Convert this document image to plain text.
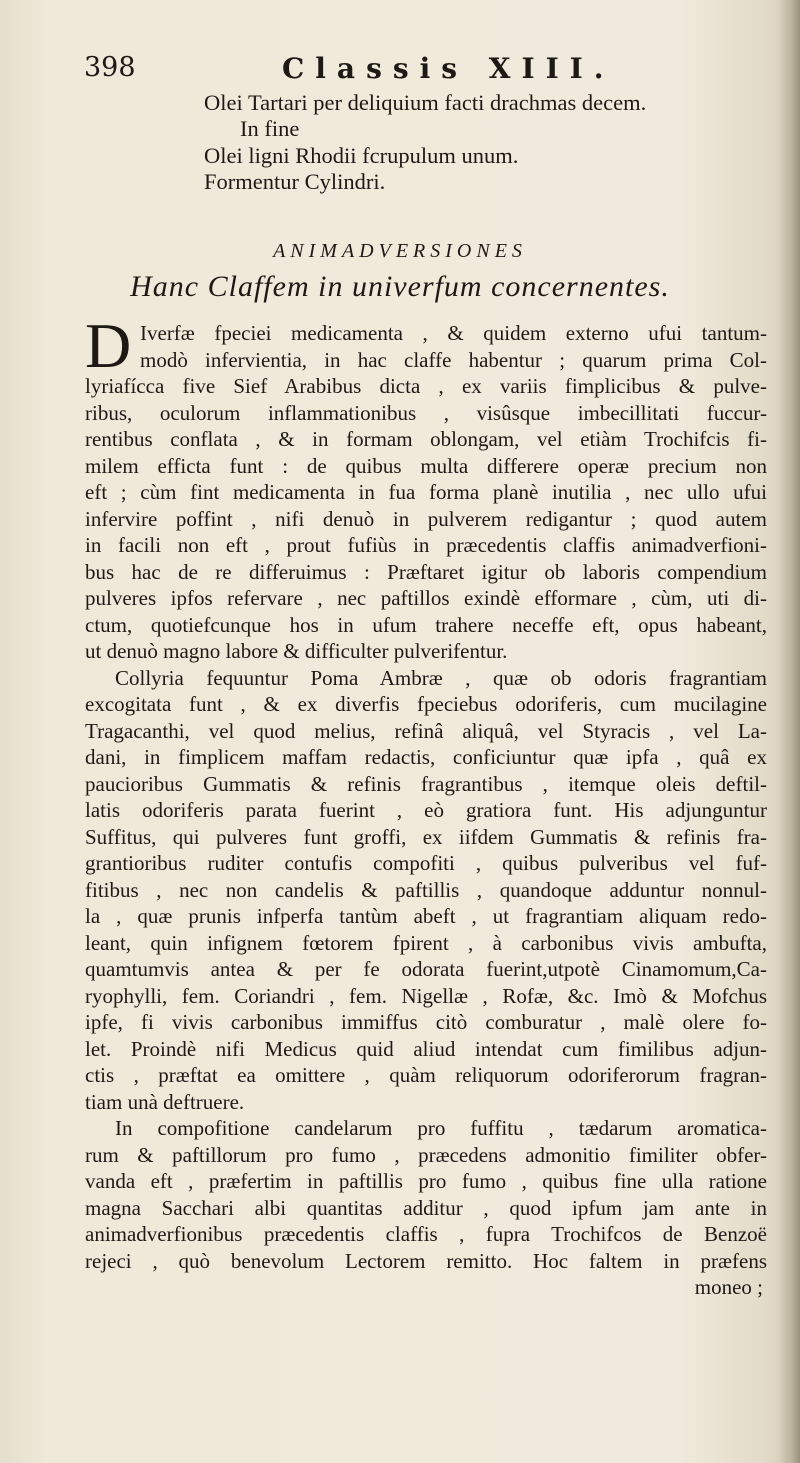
398	Classis XIII.
Olei Tartari per deliquium facti drachmas decem.
In fine
Olei ligni Rhodii fcrupulum unum.
Formentur Cylindri.
ANIMADVERSIONES
Hanc Claffem in univerfum concernentes.
D Iverfæ fpeciei medicamenta , & quidem externo ufui tantum-
modò infervientia, in hac claffe habentur ; quarum prima Col-
lyriafícca five Sief Arabibus dicta , ex variis fimplicibus & pulve-
ribus, oculorum inflammationibus , visûsque imbecillitati fuccur-
rentibus conflata , & in formam oblongam, vel etiàm Trochifcis fi-
milem efficta funt : de quibus multa differere operæ precium non
eft ; cùm fint medicamenta in fua forma planè inutilia , nec ullo ufui
infervire poffint , nifi denuò in pulverem redigantur ; quod autem
in facili non eft , prout fufiùs in præcedentis claffis animadverfioni-
bus hac de re differuimus : Præftaret igitur ob laboris compendium
pulveres ipfos refervare , nec paftillos exindè efformare , cùm, uti di-
ctum, quotiefcunque hos in ufum trahere neceffe eft, opus habeant,
ut denuò magno labore & difficulter pulverifentur.
Collyria fequuntur Poma Ambræ , quæ ob odoris fragrantiam
excogitata funt , & ex diverfis fpeciebus odoriferis, cum mucilagine
Tragacanthi, vel quod melius, refinâ aliquâ, vel Styracis , vel La-
dani, in fimplicem maffam redactis, conficiuntur quæ ipfa , quâ ex
paucioribus Gummatis & refinis fragrantibus , itemque oleis deftil-
latis odoriferis parata fuerint , eò gratiora funt. His adjunguntur
Suffitus, qui pulveres funt groffi, ex iifdem Gummatis & refinis fra-
grantioribus ruditer contufis compofiti , quibus pulveribus vel fuf-
fitibus , nec non candelis & paftillis , quandoque adduntur nonnul-
la , quæ prunis infperfa tantùm abeft , ut fragrantiam aliquam redo-
leant, quin infignem fœtorem fpirent , à carbonibus vivis ambufta,
quamtumvis antea & per fe odorata fuerint,utpotè Cinamomum,Ca-
ryophylli, fem. Coriandri , fem. Nigellæ , Rofæ, &c. Imò & Mofchus
ipfe, fi vivis carbonibus immiffus citò comburatur , malè olere fo-
let. Proindè nifi Medicus quid aliud intendat cum fimilibus adjun-
ctis , præftat ea omittere , quàm reliquorum odoriferorum fragran-
tiam unà deftruere.
In compofitione candelarum pro fuffitu , tædarum aromatica-
rum & paftillorum pro fumo , præcedens admonitio fimiliter obfer-
vanda eft , præfertim in paftillis pro fumo , quibus fine ulla ratione
magna Sacchari albi quantitas additur , quod ipfum jam ante in
animadverfionibus præcedentis claffis , fupra Trochifcos de Benzoë
rejeci , quò benevolum Lectorem remitto. Hoc faltem in præfens
moneo ;
